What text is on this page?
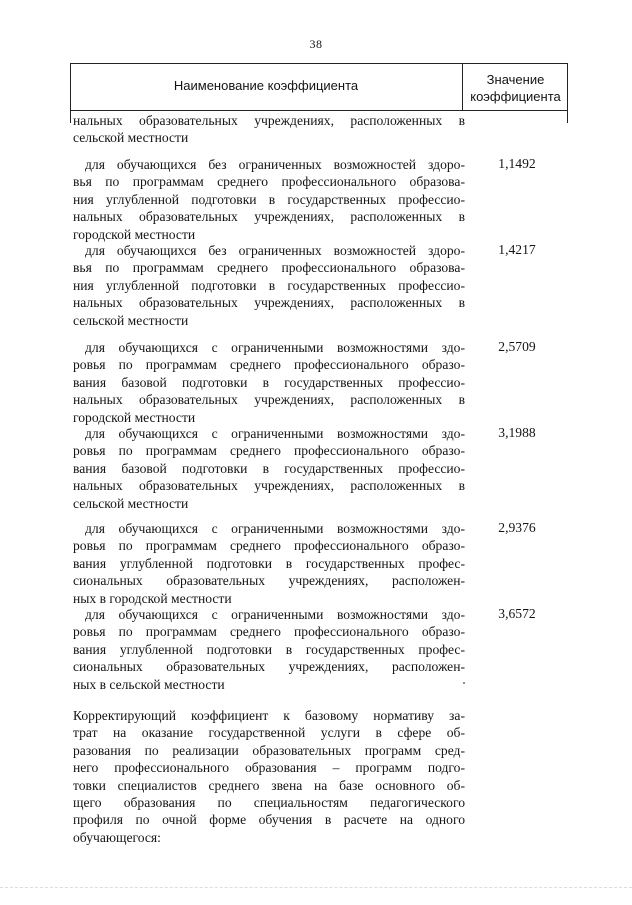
38
Наименование коэффициента	Значение
коэффициента
нальных образовательных учреждениях, расположенных в
сельской местности
для обучающихся без ограниченных возможностей здоро-
вья по программам среднего профессионального образова-
ния углубленной подготовки в государственных профессио-
нальных образовательных учреждениях, расположенных в
городской местности
1,1492
для обучающихся без ограниченных возможностей здоро-
вья по программам среднего профессионального образова-
ния углубленной подготовки в государственных профессио-
нальных образовательных учреждениях, расположенных в
сельской местности
1,4217
для обучающихся с ограниченными возможностями здо-
ровья по программам среднего профессионального образо-
вания базовой подготовки в государственных профессио-
нальных образовательных учреждениях, расположенных в
городской местности
2,5709
для обучающихся с ограниченными возможностями здо-
ровья по программам среднего профессионального образо-
вания базовой подготовки в государственных профессио-
нальных образовательных учреждениях, расположенных в
сельской местности
3,1988
для обучающихся с ограниченными возможностями здо-
ровья по программам среднего профессионального образо-
вания углубленной подготовки в государственных профес-
сиональных образовательных учреждениях, расположен-
ных в городской местности
2,9376
для обучающихся с ограниченными возможностями здо-
ровья по программам среднего профессионального образо-
вания углубленной подготовки в государственных профес-
сиональных образовательных учреждениях, расположен-
ных в сельской местности
3,6572
Корректирующий коэффициент к базовому нормативу за-
трат на оказание государственной услуги в сфере об-
разования по реализации образовательных программ сред-
него профессионального образования – программ подго-
товки специалистов среднего звена на базе основного об-
щего образования по специальностям педагогического
профиля по очной форме обучения в расчете на одного
обучающегося:
